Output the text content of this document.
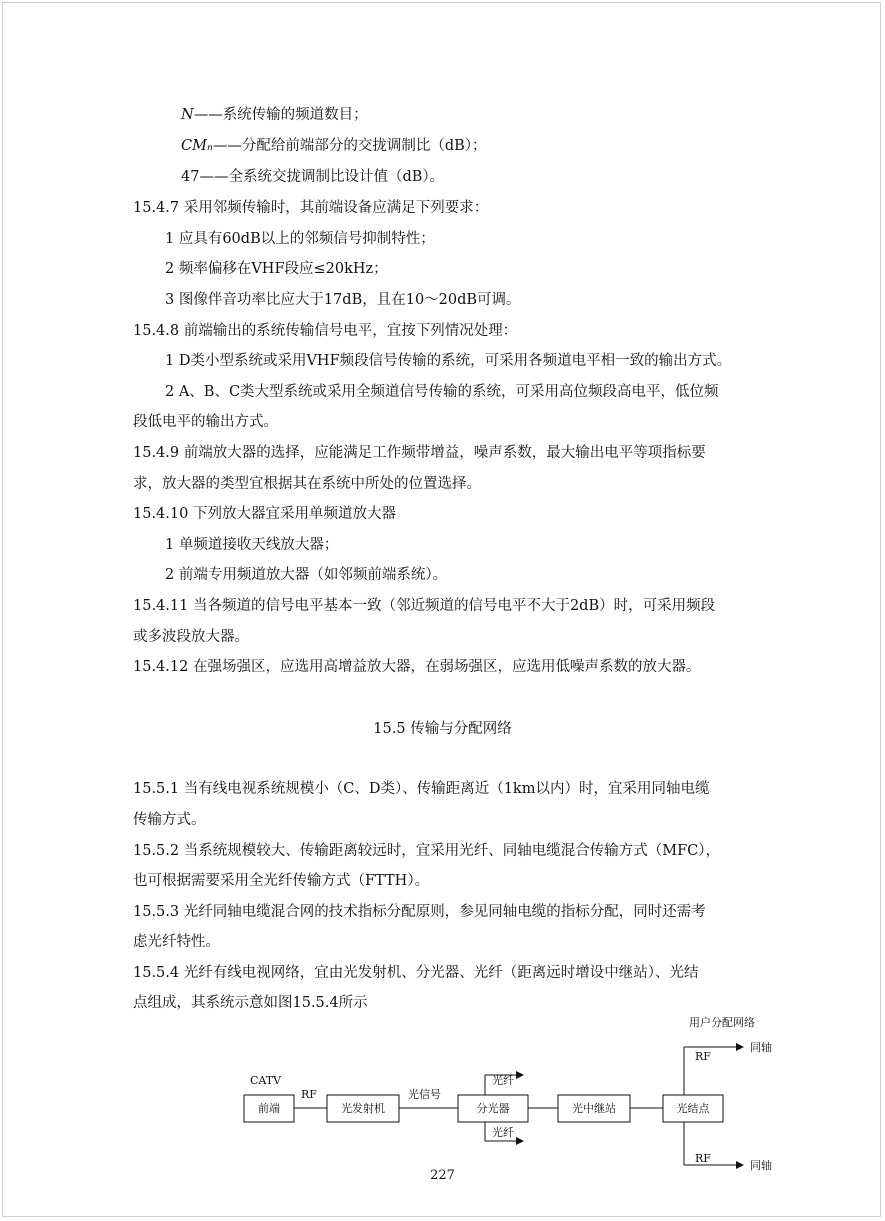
N——系统传输的频道数目；
CMₙ——分配给前端部分的交拢调制比（dB）；
47——全系统交拢调制比设计值（dB）。
15.4.7 采用邻频传输时，其前端设备应满足下列要求：
1 应具有60dB以上的邻频信号抑制特性；
2 频率偏移在VHF段应≤20kHz；
3 图像伴音功率比应大于17dB，且在10～20dB可调。
15.4.8 前端输出的系统传输信号电平，宜按下列情况处理：
1 D类小型系统或采用VHF频段信号传输的系统，可采用各频道电平相一致的输出方式。
2 A、B、C类大型系统或采用全频道信号传输的系统，可采用高位频段高电平，低位频
段低电平的输出方式。
15.4.9 前端放大器的选择，应能满足工作频带增益，噪声系数，最大输出电平等项指标要
求，放大器的类型宜根据其在系统中所处的位置选择。
15.4.10 下列放大器宜采用单频道放大器
1 单频道接收天线放大器；
2 前端专用频道放大器（如邻频前端系统）。
15.4.11 当各频道的信号电平基本一致（邻近频道的信号电平不大于2dB）时，可采用频段
或多波段放大器。
15.4.12 在强场强区，应选用高增益放大器，在弱场强区，应选用低噪声系数的放大器。
15.5 传输与分配网络
15.5.1 当有线电视系统规模小（C、D类）、传输距离近（1km以内）时，宜采用同轴电缆
传输方式。
15.5.2 当系统规模较大、传输距离较远时，宜采用光纤、同轴电缆混合传输方式（MFC），
也可根据需要采用全光纤传输方式（FTTH）。
15.5.3 光纤同轴电缆混合网的技术指标分配原则，参见同轴电缆的指标分配，同时还需考
虑光纤特性。
15.5.4 光纤有线电视网络，宜由光发射机、分光器、光纤（距离远时增设中继站）、光结
点组成，其系统示意如图15.5.4所示
用户分配网络
CATV
RF	光信号
光纤
光纤
RF
同轴
RF
同轴
前端	光发射机	分光器	光中继站	光结点
227
